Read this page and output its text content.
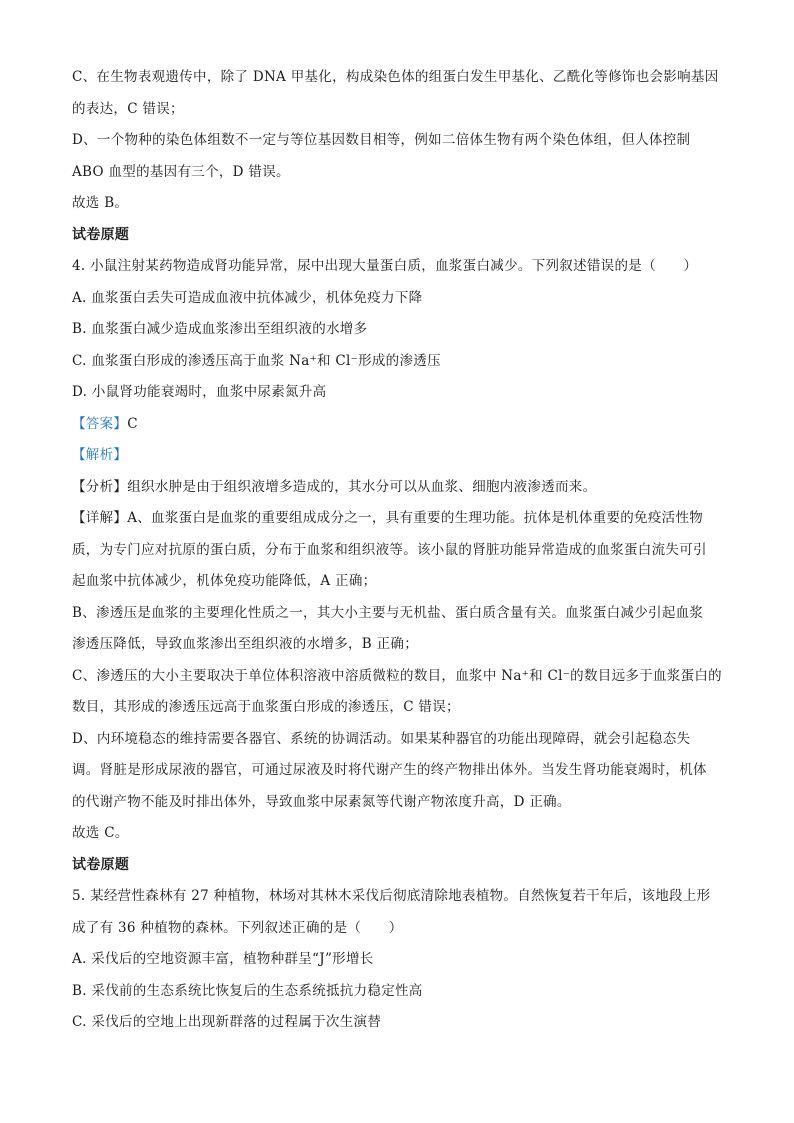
C、在生物表观遗传中，除了 DNA 甲基化，构成染色体的组蛋白发生甲基化、乙酰化等修饰也会影响基因
的表达，C 错误；
D、一个物种的染色体组数不一定与等位基因数目相等，例如二倍体生物有两个染色体组，但人体控制
ABO 血型的基因有三个，D 错误。
故选 B。
试卷原题
4. 小鼠注射某药物造成肾功能异常，尿中出现大量蛋白质，血浆蛋白减少。下列叙述错误的是（　　）
A. 血浆蛋白丢失可造成血液中抗体减少，机体免疫力下降
B. 血浆蛋白减少造成血浆渗出至组织液的水增多
C. 血浆蛋白形成的渗透压高于血浆 Na⁺和 Cl⁻形成的渗透压
D. 小鼠肾功能衰竭时，血浆中尿素氮升高
【答案】C
【解析】
【分析】组织水肿是由于组织液增多造成的，其水分可以从血浆、细胞内液渗透而来。
【详解】A、血浆蛋白是血浆的重要组成成分之一，具有重要的生理功能。抗体是机体重要的免疫活性物
质，为专门应对抗原的蛋白质，分布于血浆和组织液等。该小鼠的肾脏功能异常造成的血浆蛋白流失可引
起血浆中抗体减少，机体免疫功能降低，A 正确；
B、渗透压是血浆的主要理化性质之一，其大小主要与无机盐、蛋白质含量有关。血浆蛋白减少引起血浆
渗透压降低，导致血浆渗出至组织液的水增多，B 正确；
C、渗透压的大小主要取决于单位体积溶液中溶质微粒的数目，血浆中 Na⁺和 Cl⁻的数目远多于血浆蛋白的
数目，其形成的渗透压远高于血浆蛋白形成的渗透压，C 错误；
D、内环境稳态的维持需要各器官、系统的协调活动。如果某种器官的功能出现障碍，就会引起稳态失
调。肾脏是形成尿液的器官，可通过尿液及时将代谢产生的终产物排出体外。当发生肾功能衰竭时，机体
的代谢产物不能及时排出体外，导致血浆中尿素氮等代谢产物浓度升高，D 正确。
故选 C。
试卷原题
5. 某经营性森林有 27 种植物，林场对其林木采伐后彻底清除地表植物。自然恢复若干年后，该地段上形
成了有 36 种植物的森林。下列叙述正确的是（　　）
A. 采伐后的空地资源丰富，植物种群呈“J”形增长
B. 采伐前的生态系统比恢复后的生态系统抵抗力稳定性高
C. 采伐后的空地上出现新群落的过程属于次生演替
